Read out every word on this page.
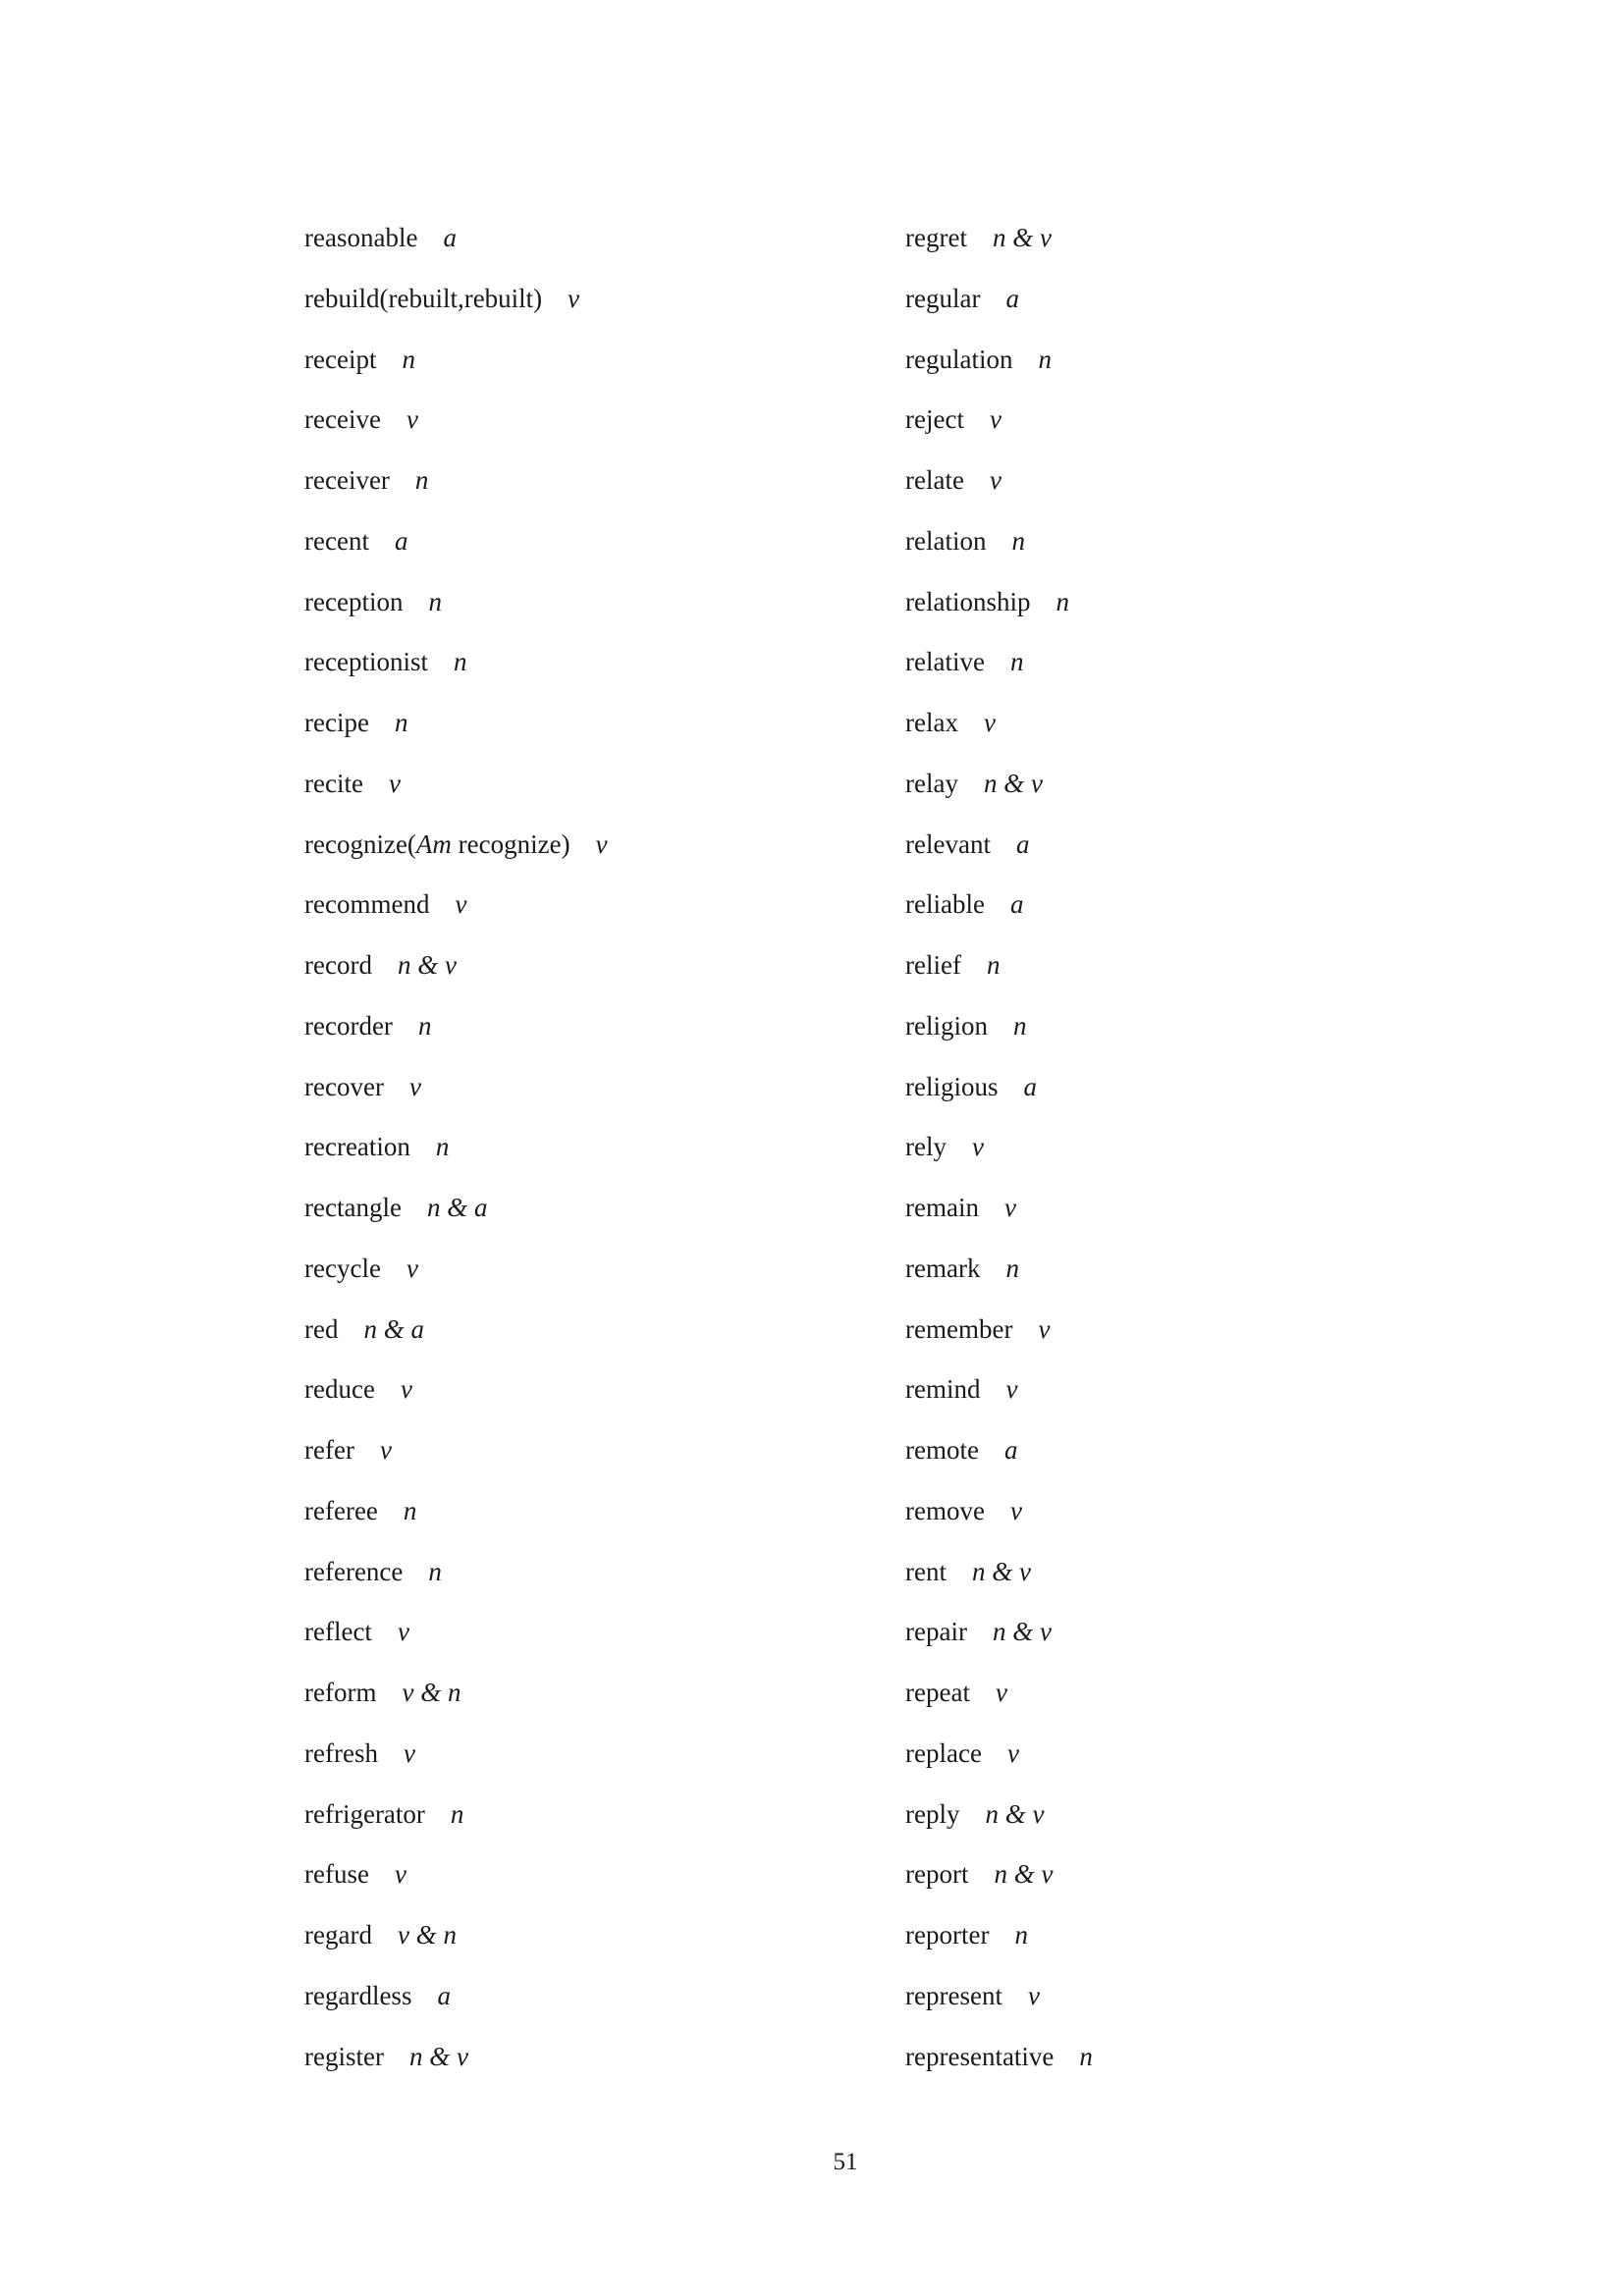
reasonable a
rebuild(rebuilt,rebuilt) v
receipt n
receive v
receiver n
recent a
reception n
receptionist n
recipe n
recite v
recognize(Am recognize) v
recommend v
record n & v
recorder n
recover v
recreation n
rectangle n & a
recycle v
red n & a
reduce v
refer v
referee n
reference n
reflect v
reform v & n
refresh v
refrigerator n
refuse v
regard v & n
regardless a
register n & v
regret n & v
regular a
regulation n
reject v
relate v
relation n
relationship n
relative n
relax v
relay n & v
relevant a
reliable a
relief n
religion n
religious a
rely v
remain v
remark n
remember v
remind v
remote a
remove v
rent n & v
repair n & v
repeat v
replace v
reply n & v
report n & v
reporter n
represent v
representative n
51
